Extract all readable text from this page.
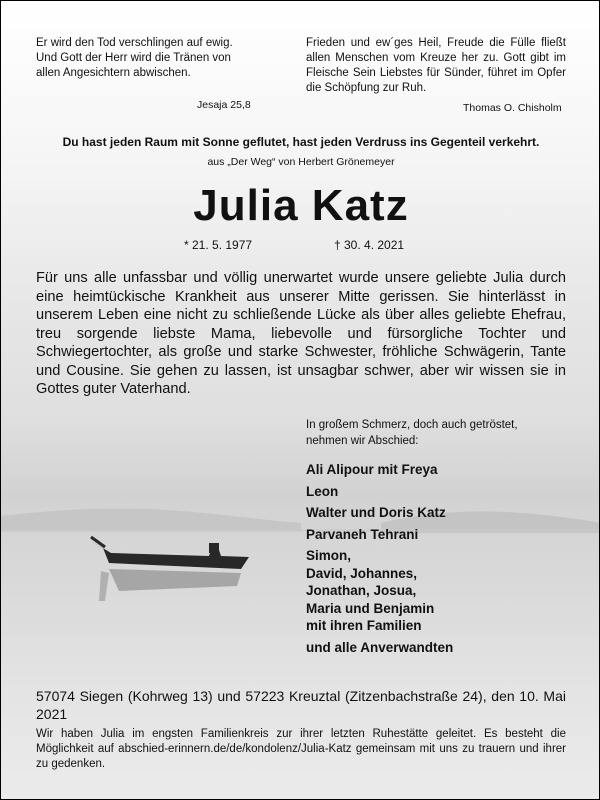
Er wird den Tod verschlingen auf ewig. Und Gott der Herr wird die Tränen von allen Angesichtern abwischen.
Jesaja 25,8
Frieden und ew´ges Heil, Freude die Fülle fließt allen Menschen vom Kreuze her zu. Gott gibt im Fleische Sein Liebstes für Sünder, führet im Opfer die Schöpfung zur Ruh.
Thomas O. Chisholm
Du hast jeden Raum mit Sonne geflutet, hast jeden Verdruss ins Gegenteil verkehrt.
aus „Der Weg“ von Herbert Grönemeyer
Julia Katz
* 21. 5. 1977	† 30. 4. 2021
Für uns alle unfassbar und völlig unerwartet wurde unsere geliebte Julia durch eine heimtückische Krankheit aus unserer Mitte gerissen. Sie hinterlässt in unserem Leben eine nicht zu schließende Lücke als über alles geliebte Ehefrau, treu sorgende liebste Mama, liebevolle und fürsorgliche Tochter und Schwiegertochter, als große und starke Schwester, fröhliche Schwägerin, Tante und Cousine. Sie gehen zu lassen, ist unsagbar schwer, aber wir wissen sie in Gottes guter Vaterhand.
In großem Schmerz, doch auch getröstet,
nehmen wir Abschied:
Ali Alipour mit Freya
Leon
Walter und Doris Katz
Parvaneh Tehrani
Simon,
David, Johannes,
Jonathan, Josua,
Maria und Benjamin
mit ihren Familien
und alle Anverwandten
57074 Siegen (Kohrweg 13) und 57223 Kreuztal (Zitzenbachstraße 24), den 10. Mai 2021
Wir haben Julia im engsten Familienkreis zur ihrer letzten Ruhestätte geleitet. Es besteht die Möglichkeit auf abschied-erinnern.de/de/kondolenz/Julia-Katz gemeinsam mit uns zu trauern und ihrer zu gedenken.
